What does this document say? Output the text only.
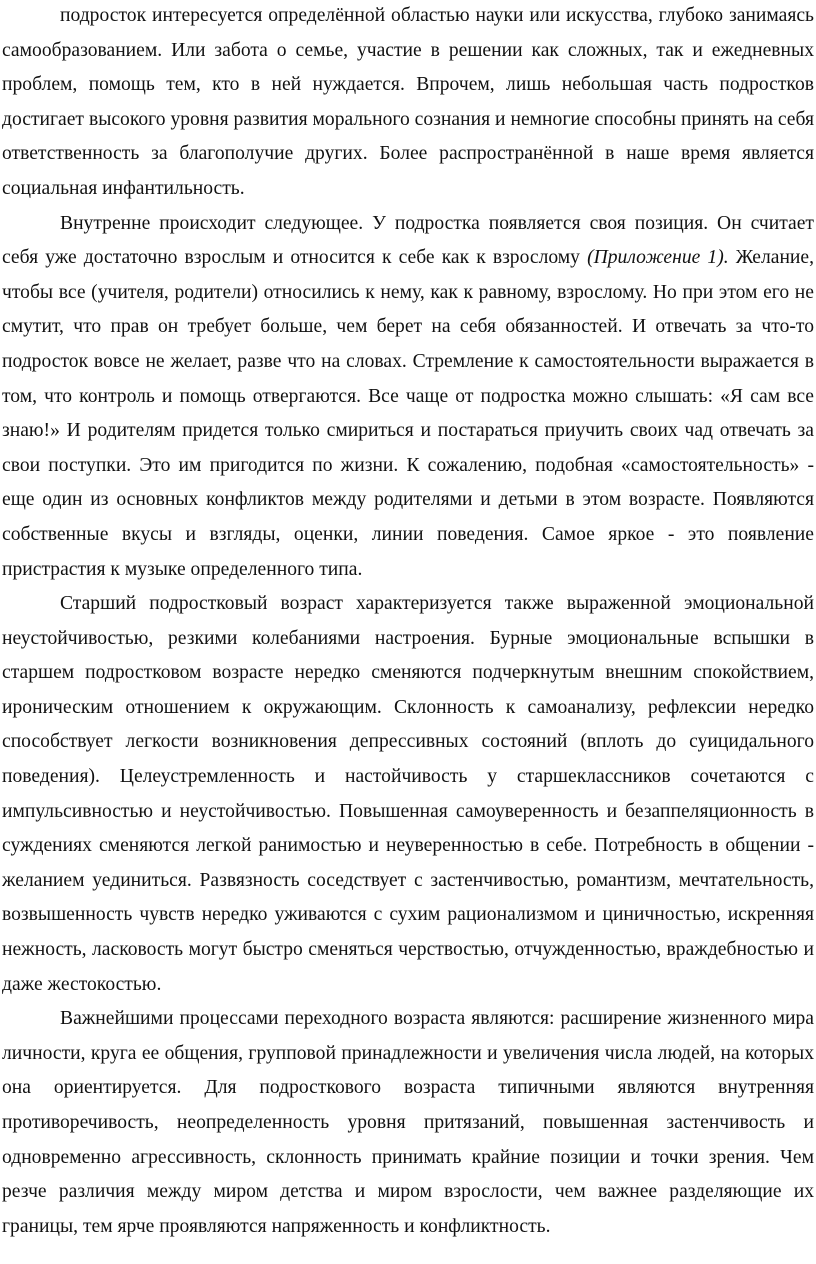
подросток интересуется определённой областью науки или искусства, глубоко занимаясь самообразованием. Или забота о семье, участие в решении как сложных, так и ежедневных проблем, помощь тем, кто в ней нуждается. Впрочем, лишь небольшая часть подростков достигает высокого уровня развития морального сознания и немногие способны принять на себя ответственность за благополучие других. Более распространённой в наше время является социальная инфантильность.

Внутренне происходит следующее. У подростка появляется своя позиция. Он считает себя уже достаточно взрослым и относится к себе как к взрослому (Приложение 1). Желание, чтобы все (учителя, родители) относились к нему, как к равному, взрослому. Но при этом его не смутит, что прав он требует больше, чем берет на себя обязанностей. И отвечать за что-то подросток вовсе не желает, разве что на словах. Стремление к самостоятельности выражается в том, что контроль и помощь отвергаются. Все чаще от подростка можно слышать: «Я сам все знаю!» И родителям придется только смириться и постараться приучить своих чад отвечать за свои поступки. Это им пригодится по жизни. К сожалению, подобная «самостоятельность» - еще один из основных конфликтов между родителями и детьми в этом возрасте. Появляются собственные вкусы и взгляды, оценки, линии поведения. Самое яркое - это появление пристрастия к музыке определенного типа.

Старший подростковый возраст характеризуется также выраженной эмоциональной неустойчивостью, резкими колебаниями настроения. Бурные эмоциональные вспышки в старшем подростковом возрасте нередко сменяются подчеркнутым внешним спокойствием, ироническим отношением к окружающим. Склонность к самоанализу, рефлексии нередко способствует легкости возникновения депрессивных состояний (вплоть до суицидального поведения). Целеустремленность и настойчивость у старшеклассников сочетаются с импульсивностью и неустойчивостью. Повышенная самоуверенность и безаппеляционность в суждениях сменяются легкой ранимостью и неуверенностью в себе. Потребность в общении - желанием уединиться. Развязность соседствует с застенчивостью, романтизм, мечтательность, возвышенность чувств нередко уживаются с сухим рационализмом и циничностью, искренняя нежность, ласковость могут быстро сменяться черствостью, отчужденностью, враждебностью и даже жестокостью.

Важнейшими процессами переходного возраста являются: расширение жизненного мира личности, круга ее общения, групповой принадлежности и увеличения числа людей, на которых она ориентируется. Для подросткового возраста типичными являются внутренняя противоречивость, неопределенность уровня притязаний, повышенная застенчивость и одновременно агрессивность, склонность принимать крайние позиции и точки зрения. Чем резче различия между миром детства и миром взрослости, чем важнее разделяющие их границы, тем ярче проявляются напряженность и конфликтность.
